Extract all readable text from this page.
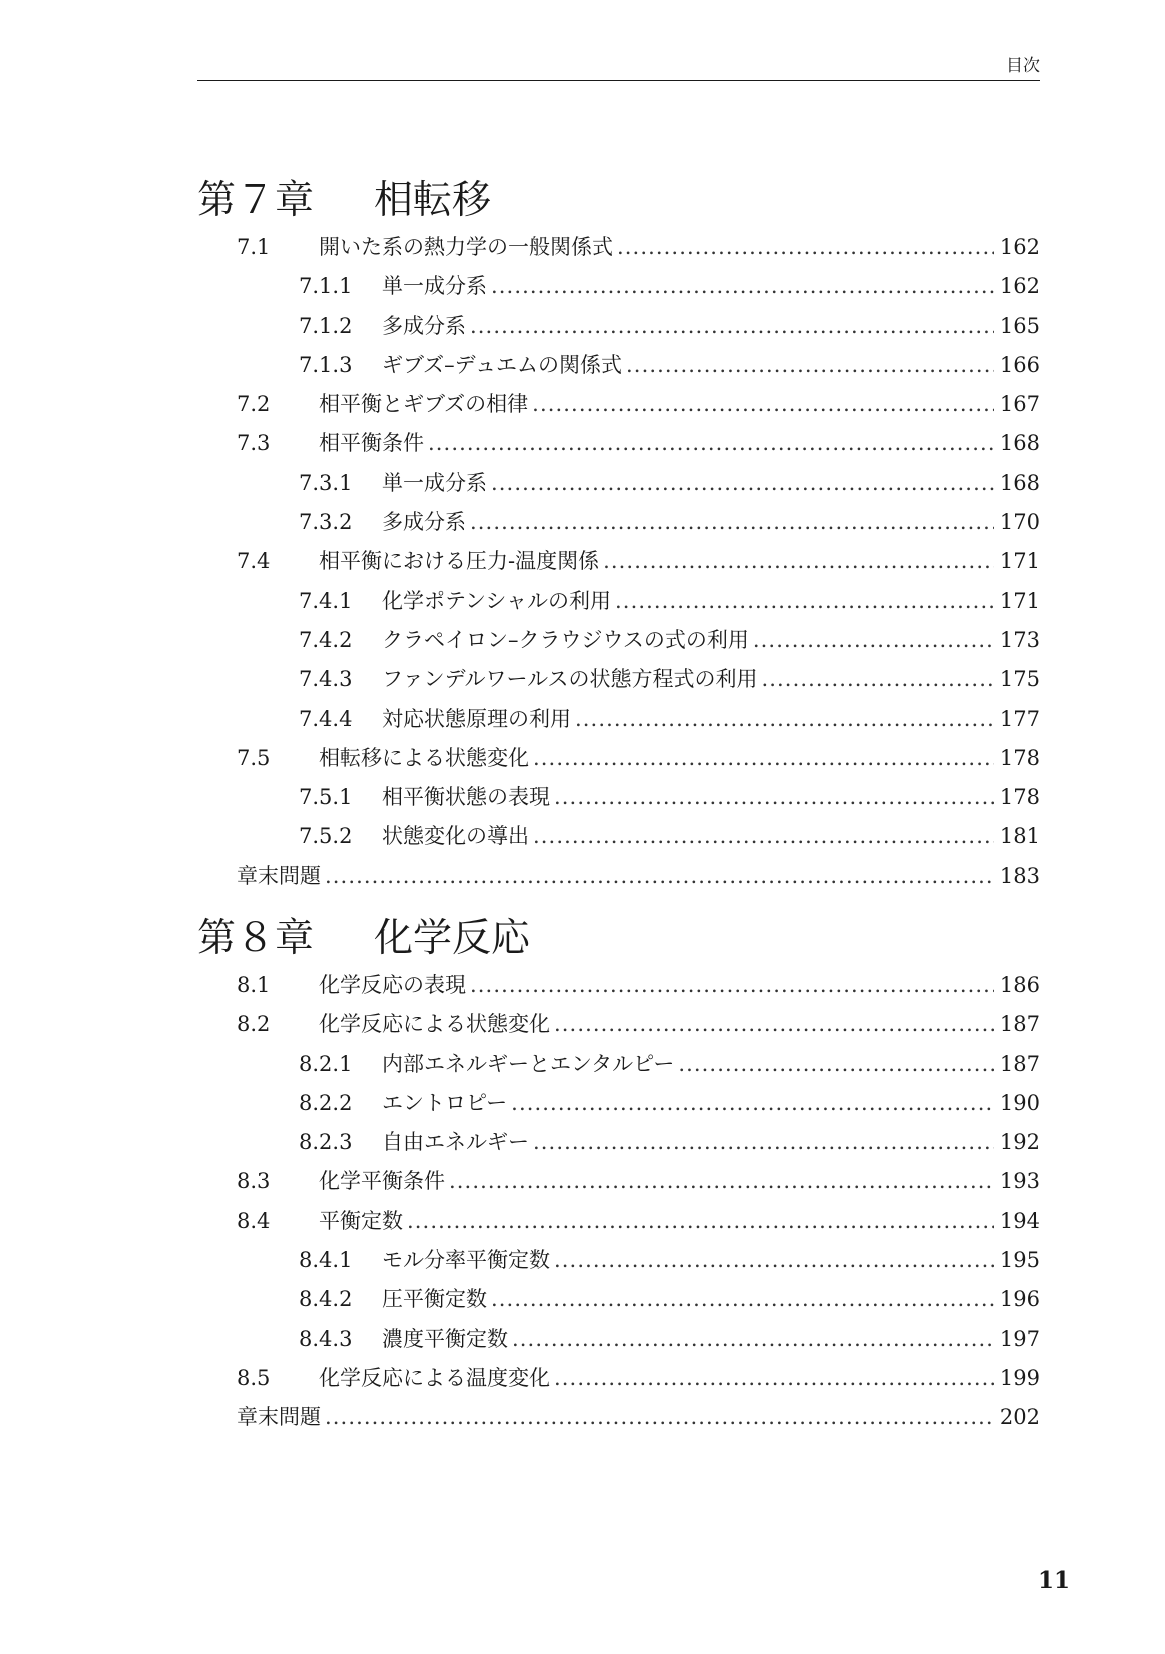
目次
第７章	相転移
7.1	開いた系の熱力学の一般関係式 .....	162
7.1.1	単一成分系 .....	162
7.1.2	多成分系 .....	165
7.1.3	ギブズ–デュエムの関係式 .....	166
7.2	相平衡とギブズの相律 .....	167
7.3	相平衡条件 .....	168
7.3.1	単一成分系 .....	168
7.3.2	多成分系 .....	170
7.4	相平衡における圧力-温度関係 .....	171
7.4.1	化学ポテンシャルの利用 .....	171
7.4.2	クラペイロン–クラウジウスの式の利用 .....	173
7.4.3	ファンデルワールスの状態方程式の利用 .....	175
7.4.4	対応状態原理の利用 .....	177
7.5	相転移による状態変化 .....	178
7.5.1	相平衡状態の表現 .....	178
7.5.2	状態変化の導出 .....	181
章末問題 .....	183
第８章	化学反応
8.1	化学反応の表現 .....	186
8.2	化学反応による状態変化 .....	187
8.2.1	内部エネルギーとエンタルピー .....	187
8.2.2	エントロピー .....	190
8.2.3	自由エネルギー .....	192
8.3	化学平衡条件 .....	193
8.4	平衡定数 .....	194
8.4.1	モル分率平衡定数 .....	195
8.4.2	圧平衡定数 .....	196
8.4.3	濃度平衡定数 .....	197
8.5	化学反応による温度変化 .....	199
章末問題 .....	202
11
